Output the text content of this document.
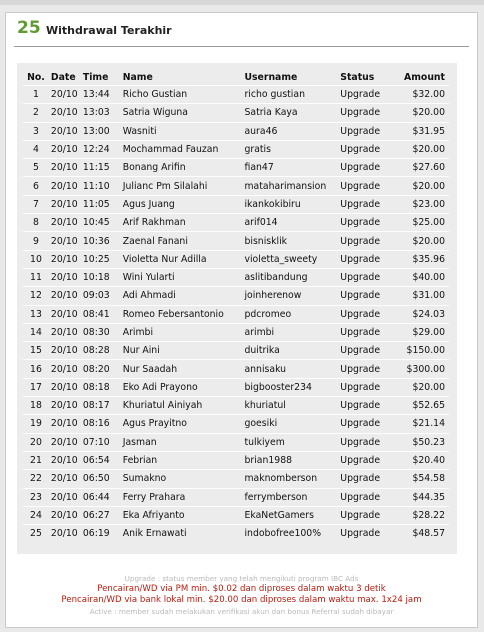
25 Withdrawal Terakhir
No.	Date	Time	Name	Username	Status	Amount
1	20/10	13:44	Richo Gustian	richo gustian	Upgrade	$32.00
2	20/10	13:03	Satria Wiguna	Satria Kaya	Upgrade	$20.00
3	20/10	13:00	Wasniti	aura46	Upgrade	$31.95
4	20/10	12:24	Mochammad Fauzan	gratis	Upgrade	$20.00
5	20/10	11:15	Bonang Arifin	fian47	Upgrade	$27.60
6	20/10	11:10	Julianc Pm Silalahi	mataharimansion	Upgrade	$20.00
7	20/10	11:05	Agus Juang	ikankokibiru	Upgrade	$23.00
8	20/10	10:45	Arif Rakhman	arif014	Upgrade	$25.00
9	20/10	10:36	Zaenal Fanani	bisnisklik	Upgrade	$20.00
10	20/10	10:25	Violetta Nur Adilla	violetta_sweety	Upgrade	$35.96
11	20/10	10:18	Wini Yularti	aslitibandung	Upgrade	$40.00
12	20/10	09:03	Adi Ahmadi	joinherenow	Upgrade	$31.00
13	20/10	08:41	Romeo Febersantonio	pdcromeo	Upgrade	$24.03
14	20/10	08:30	Arimbi	arimbi	Upgrade	$29.00
15	20/10	08:28	Nur Aini	duitrika	Upgrade	$150.00
16	20/10	08:20	Nur Saadah	annisaku	Upgrade	$300.00
17	20/10	08:18	Eko Adi Prayono	bigbooster234	Upgrade	$20.00
18	20/10	08:17	Khuriatul Ainiyah	khuriatul	Upgrade	$52.65
19	20/10	08:16	Agus Prayitno	goesiki	Upgrade	$21.14
20	20/10	07:10	Jasman	tulkiyem	Upgrade	$50.23
21	20/10	06:54	Febrian	brian1988	Upgrade	$20.40
22	20/10	06:50	Sumakno	maknomberson	Upgrade	$54.58
23	20/10	06:44	Ferry Prahara	ferrymberson	Upgrade	$44.35
24	20/10	06:27	Eka Afriyanto	EkaNetGamers	Upgrade	$28.22
25	20/10	06:19	Anik Ernawati	indobofree100%	Upgrade	$48.57
Upgrade : status member yang telah mengikuti program IBC Ads
Pencairan/WD via PM min. $0.02 dan diproses dalam waktu 3 detik
Pencairan/WD via bank lokal min. $20.00 dan diproses dalam waktu max. 1x24 jam
Active : member sudah melakukan verifikasi akun dan bonus Referral sudah dibayar
